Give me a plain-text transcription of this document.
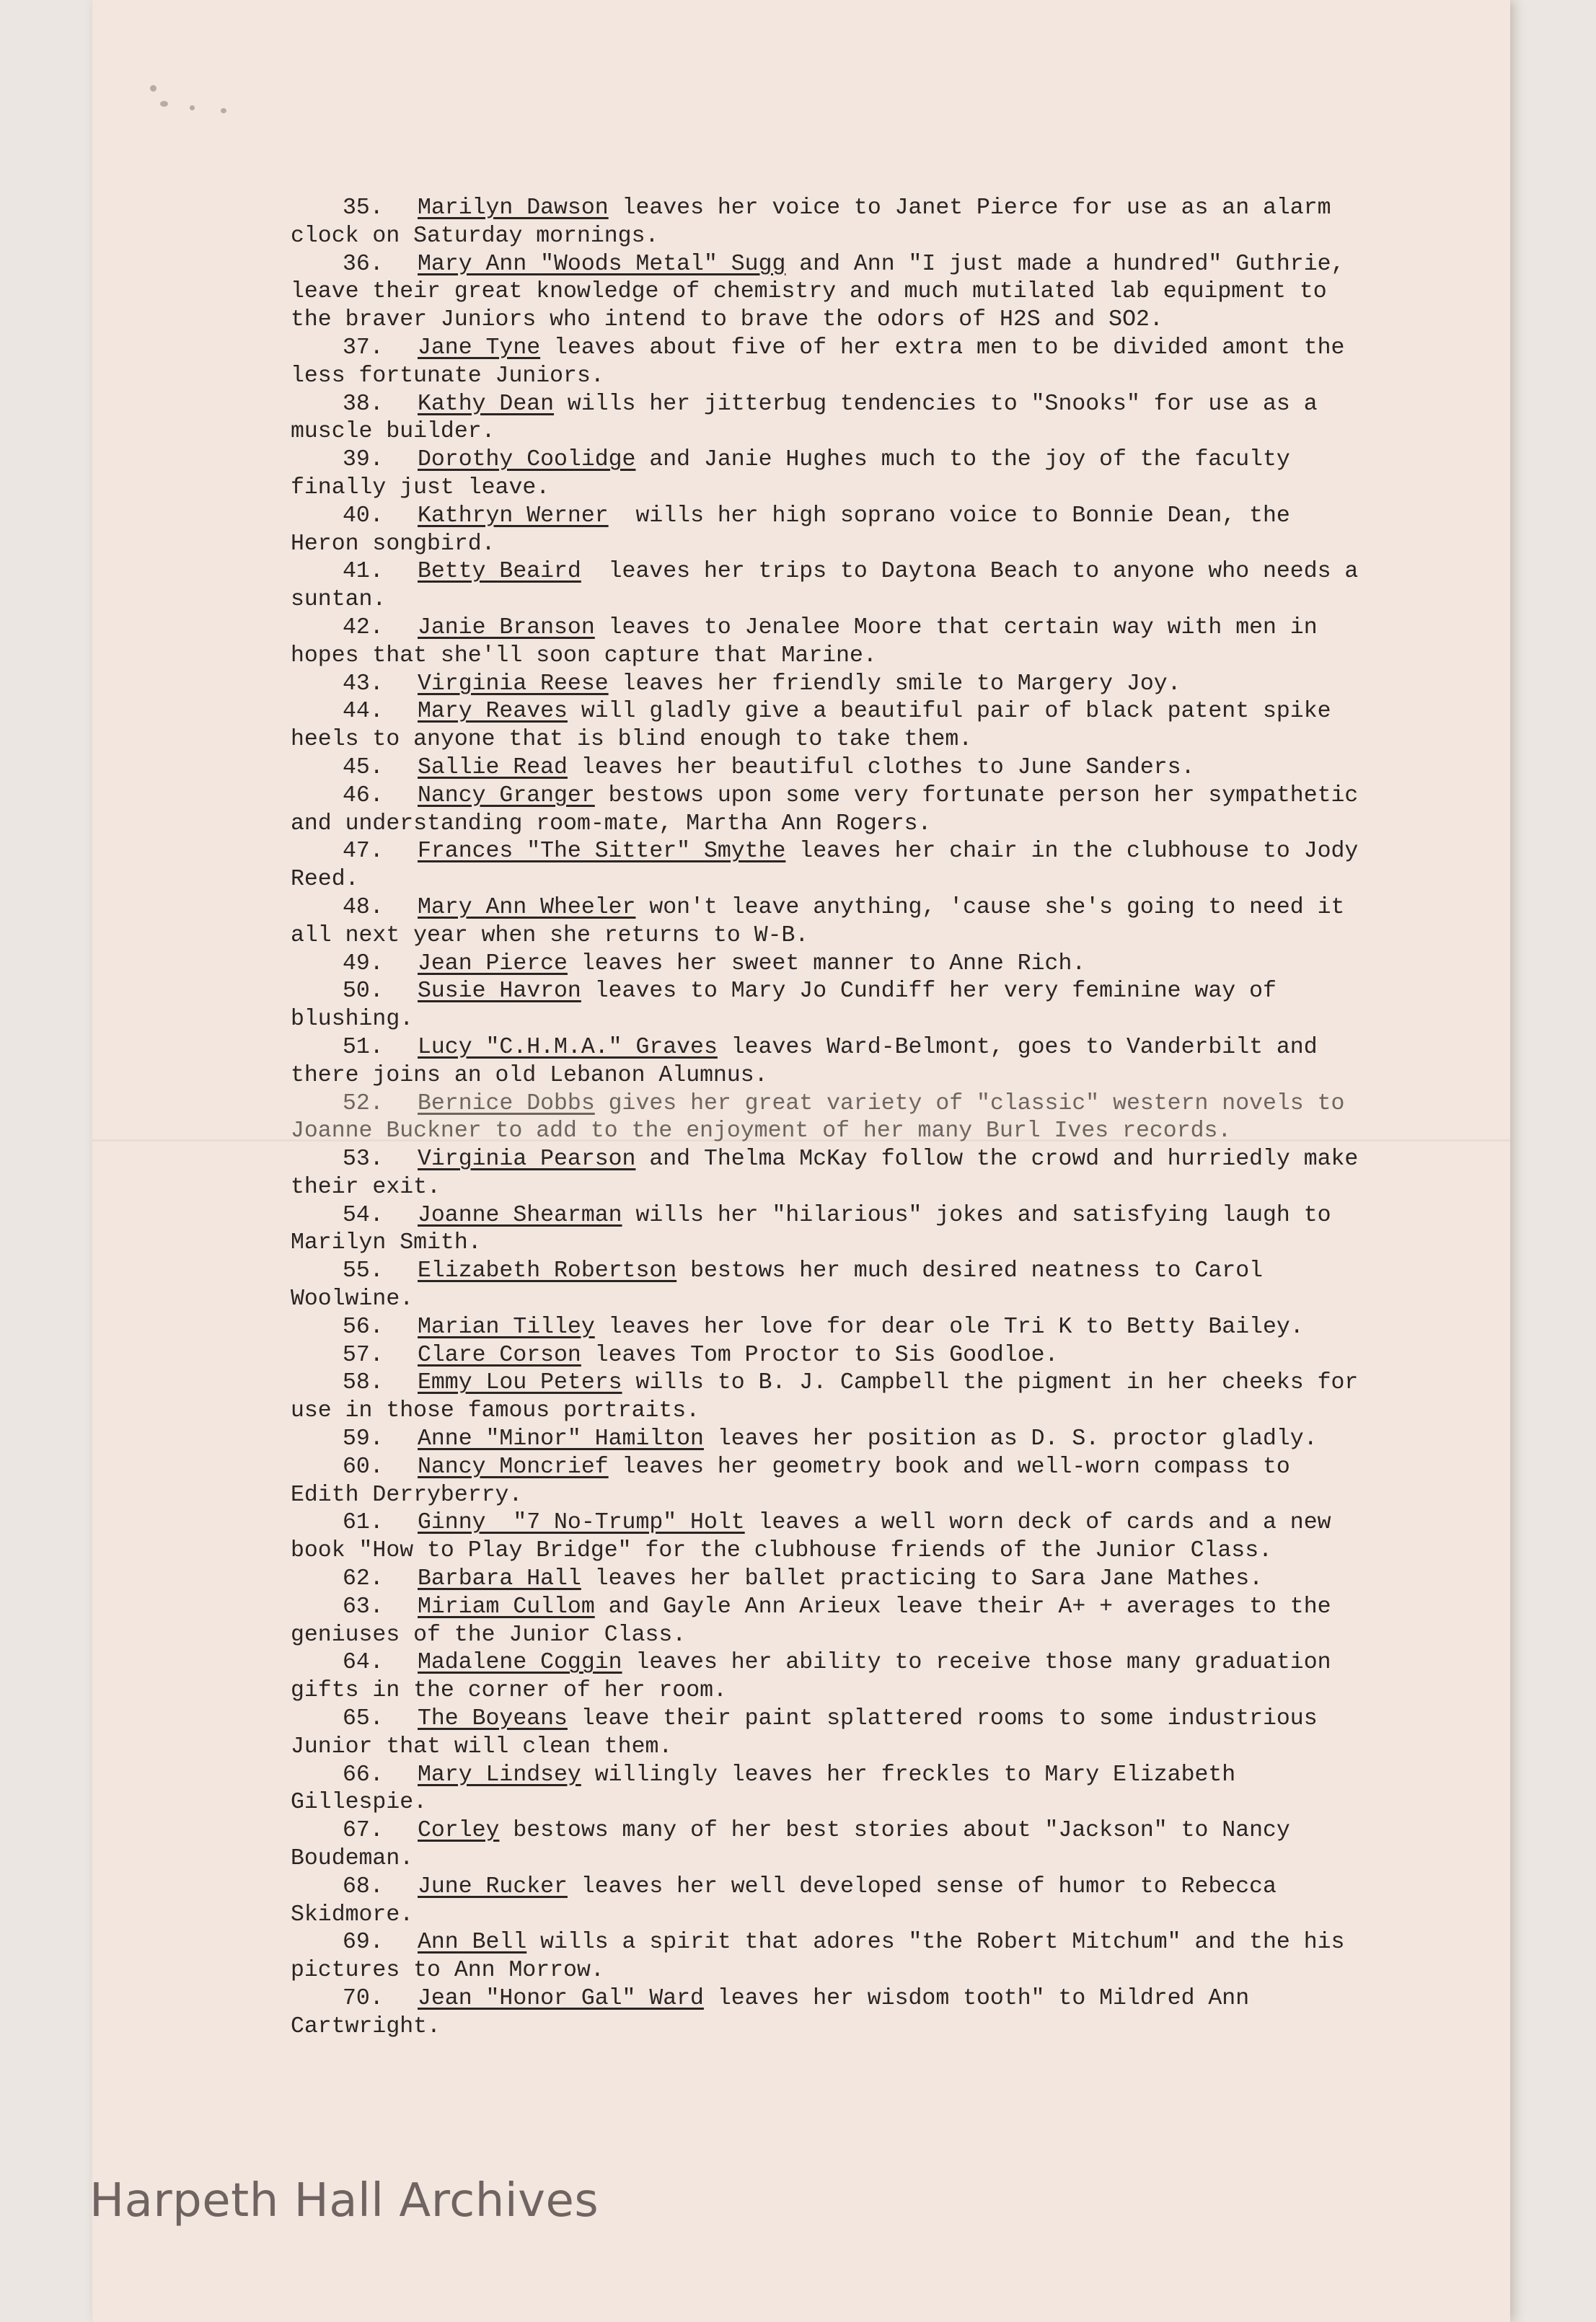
35. Marilyn Dawson leaves her voice to Janet Pierce for use as an alarm clock on Saturday mornings.

36. Mary Ann "Woods Metal" Sugg and Ann "I just made a hundred" Guthrie, leave their great knowledge of chemistry and much mutilated lab equipment to the braver Juniors who intend to brave the odors of H2S and SO2.

37. Jane Tyne leaves about five of her extra men to be divided amont the less fortunate Juniors.

38. Kathy Dean wills her jitterbug tendencies to "Snooks" for use as a muscle builder.

39. Dorothy Coolidge and Janie Hughes much to the joy of the faculty finally just leave.

40. Kathryn Werner  wills her high soprano voice to Bonnie Dean, the Heron songbird.

41. Betty Beaird  leaves her trips to Daytona Beach to anyone who needs a suntan.

42. Janie Branson leaves to Jenalee Moore that certain way with men in hopes that she'll soon capture that Marine.

43. Virginia Reese leaves her friendly smile to Margery Joy.

44. Mary Reaves will gladly give a beautiful pair of black patent spike heels to anyone that is blind enough to take them.

45. Sallie Read leaves her beautiful clothes to June Sanders.

46. Nancy Granger bestows upon some very fortunate person her sympathetic and understanding room-mate, Martha Ann Rogers.

47. Frances "The Sitter" Smythe leaves her chair in the clubhouse to Jody Reed.

48. Mary Ann Wheeler won't leave anything, 'cause she's going to need it all next year when she returns to W-B.

49. Jean Pierce leaves her sweet manner to Anne Rich.

50. Susie Havron leaves to Mary Jo Cundiff her very feminine way of blushing.

51. Lucy "C.H.M.A." Graves leaves Ward-Belmont, goes to Vanderbilt and there joins an old Lebanon Alumnus.

52. Bernice Dobbs gives her great variety of "classic" western novels to Joanne Buckner to add to the enjoyment of her many Burl Ives records.

53. Virginia Pearson and Thelma McKay follow the crowd and hurriedly make their exit.

54. Joanne Shearman wills her "hilarious" jokes and satisfying laugh to Marilyn Smith.

55. Elizabeth Robertson bestows her much desired neatness to Carol Woolwine.

56. Marian Tilley leaves her love for dear ole Tri K to Betty Bailey.

57. Clare Corson leaves Tom Proctor to Sis Goodloe.

58. Emmy Lou Peters wills to B. J. Campbell the pigment in her cheeks for use in those famous portraits.

59. Anne "Minor" Hamilton leaves her position as D. S. proctor gladly.

60. Nancy Moncrief leaves her geometry book and well-worn compass to Edith Derryberry.

61. Ginny  "7 No-Trump" Holt leaves a well worn deck of cards and a new book "How to Play Bridge" for the clubhouse friends of the Junior Class.

62. Barbara Hall leaves her ballet practicing to Sara Jane Mathes.

63. Miriam Cullom and Gayle Ann Arieux leave their A+ + averages to the geniuses of the Junior Class.

64. Madalene Coggin leaves her ability to receive those many graduation gifts in the corner of her room.

65. The Boyeans leave their paint splattered rooms to some industrious Junior that will clean them.

66. Mary Lindsey willingly leaves her freckles to Mary Elizabeth Gillespie.

67. Corley bestows many of her best stories about "Jackson" to Nancy Boudeman.

68. June Rucker leaves her well developed sense of humor to Rebecca Skidmore.

69. Ann Bell wills a spirit that adores "the Robert Mitchum" and the his pictures to Ann Morrow.

70. Jean "Honor Gal" Ward leaves her wisdom tooth" to Mildred Ann Cartwright.

Harpeth Hall Archives
